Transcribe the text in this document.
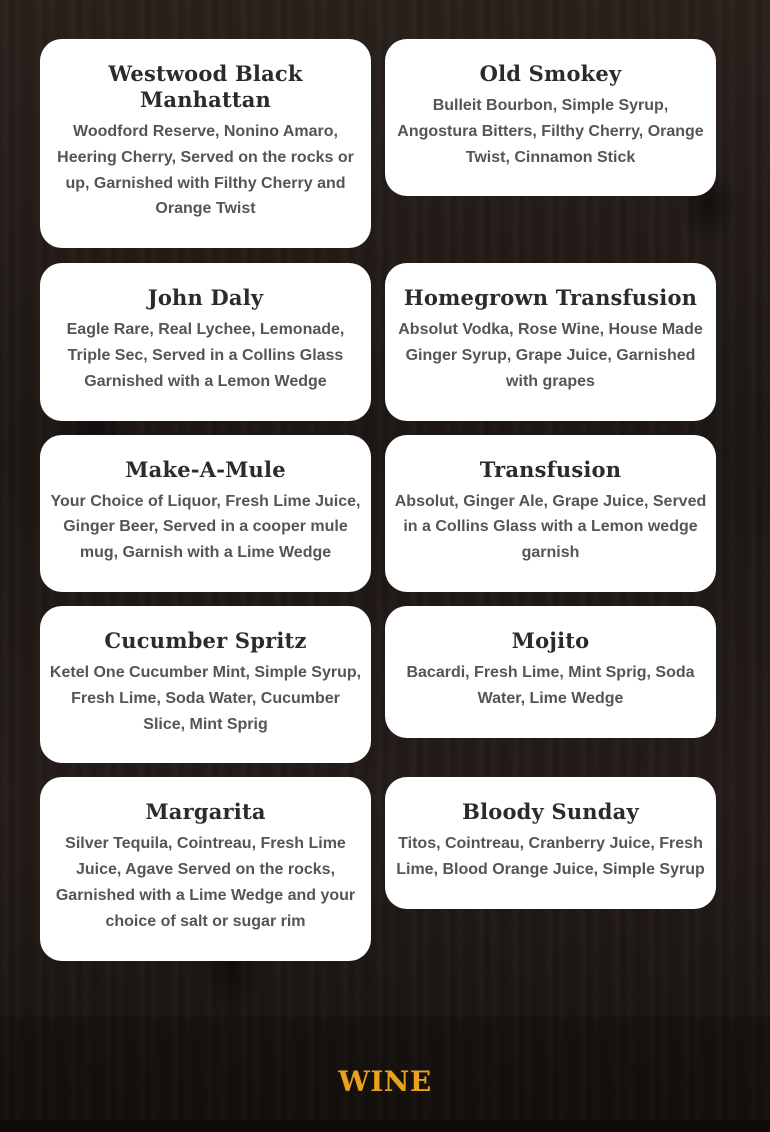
Westwood Black Manhattan

Woodford Reserve, Nonino Amaro, Heering Cherry, Served on the rocks or up, Garnished with Filthy Cherry and Orange Twist

Old Smokey

Bulleit Bourbon, Simple Syrup, Angostura Bitters, Filthy Cherry, Orange Twist, Cinnamon Stick

John Daly

Eagle Rare, Real Lychee, Lemonade, Triple Sec, Served in a Collins Glass Garnished with a Lemon Wedge

Homegrown Transfusion

Absolut Vodka, Rose Wine, House Made Ginger Syrup, Grape Juice, Garnished with grapes

Make-A-Mule

Your Choice of Liquor, Fresh Lime Juice, Ginger Beer, Served in a cooper mule mug, Garnish with a Lime Wedge

Transfusion

Absolut, Ginger Ale, Grape Juice, Served in a Collins Glass with a Lemon wedge garnish

Cucumber Spritz

Ketel One Cucumber Mint, Simple Syrup, Fresh Lime, Soda Water, Cucumber Slice, Mint Sprig

Mojito

Bacardi, Fresh Lime, Mint Sprig, Soda Water, Lime Wedge

Margarita

Silver Tequila, Cointreau, Fresh Lime Juice, Agave Served on the rocks, Garnished with a Lime Wedge and your choice of salt or sugar rim

Bloody Sunday

Titos, Cointreau, Cranberry Juice, Fresh Lime, Blood Orange Juice, Simple Syrup

WINE
